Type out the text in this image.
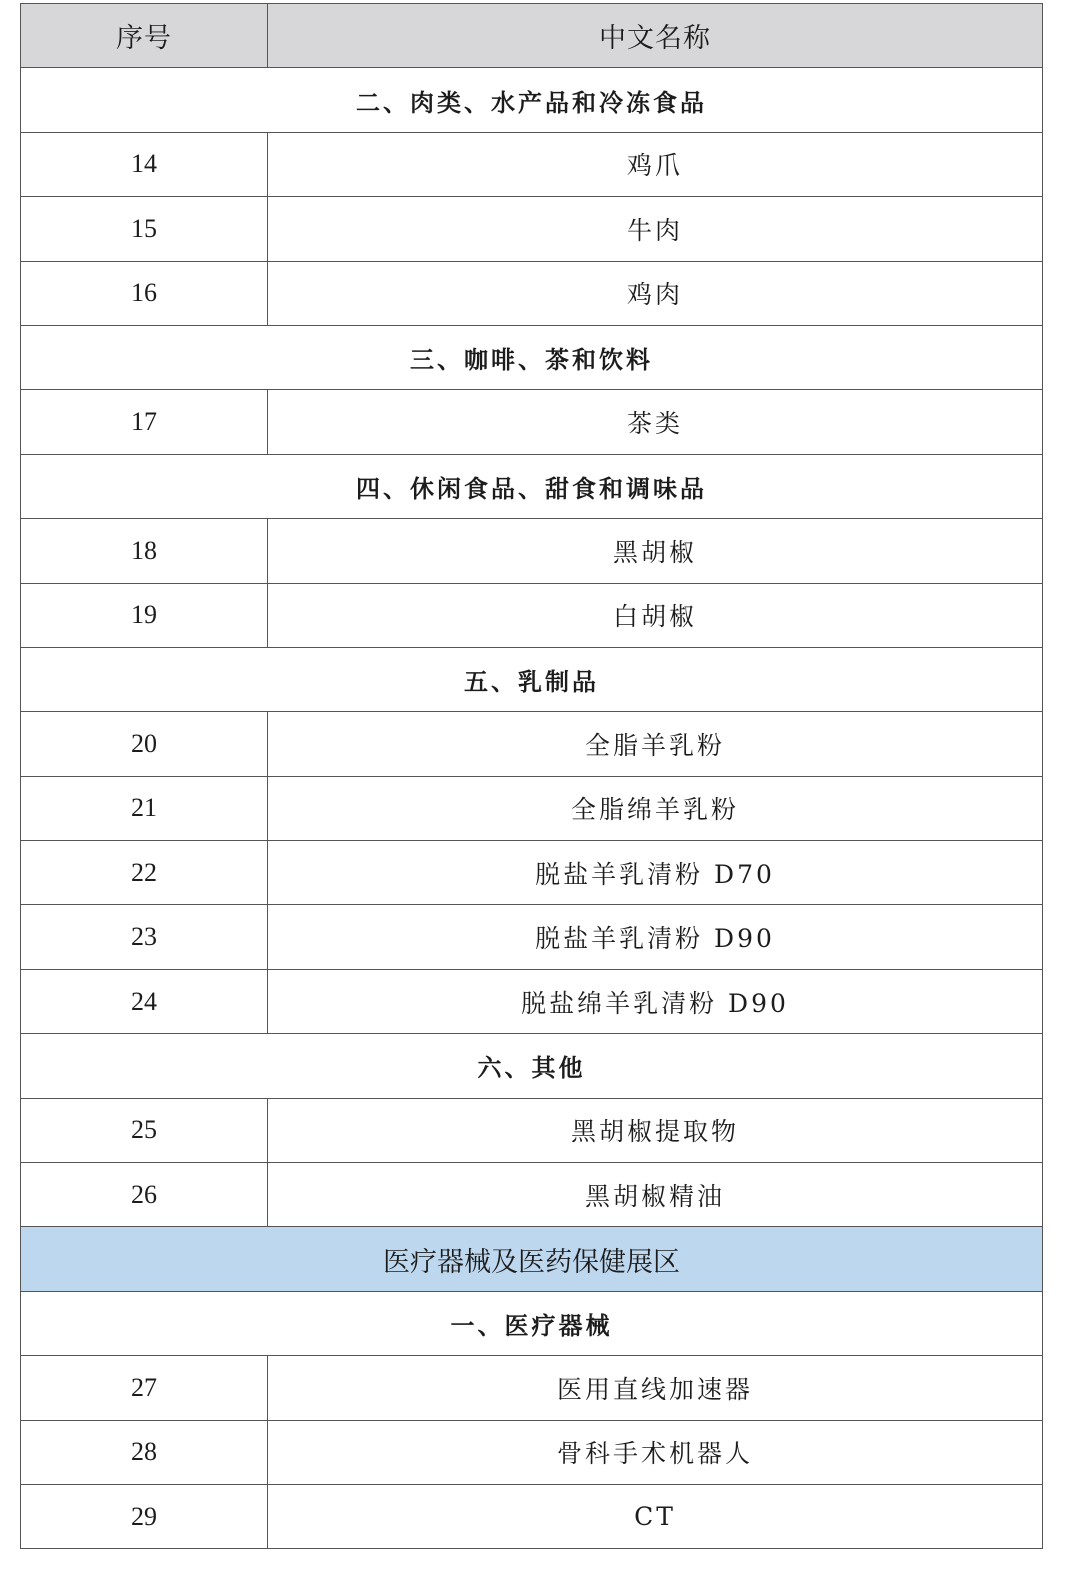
序号	中文名称
二、肉类、水产品和冷冻食品	
14	鸡爪
15	牛肉
16	鸡肉
三、咖啡、茶和饮料	
17	茶类
四、休闲食品、甜食和调味品	
18	黑胡椒
19	白胡椒
五、乳制品	
20	全脂羊乳粉
21	全脂绵羊乳粉
22	脱盐羊乳清粉 D70
23	脱盐羊乳清粉 D90
24	脱盐绵羊乳清粉 D90
六、其他	
25	黑胡椒提取物
26	黑胡椒精油
医疗器械及医药保健展区	
一、医疗器械	
27	医用直线加速器
28	骨科手术机器人
29	CT
